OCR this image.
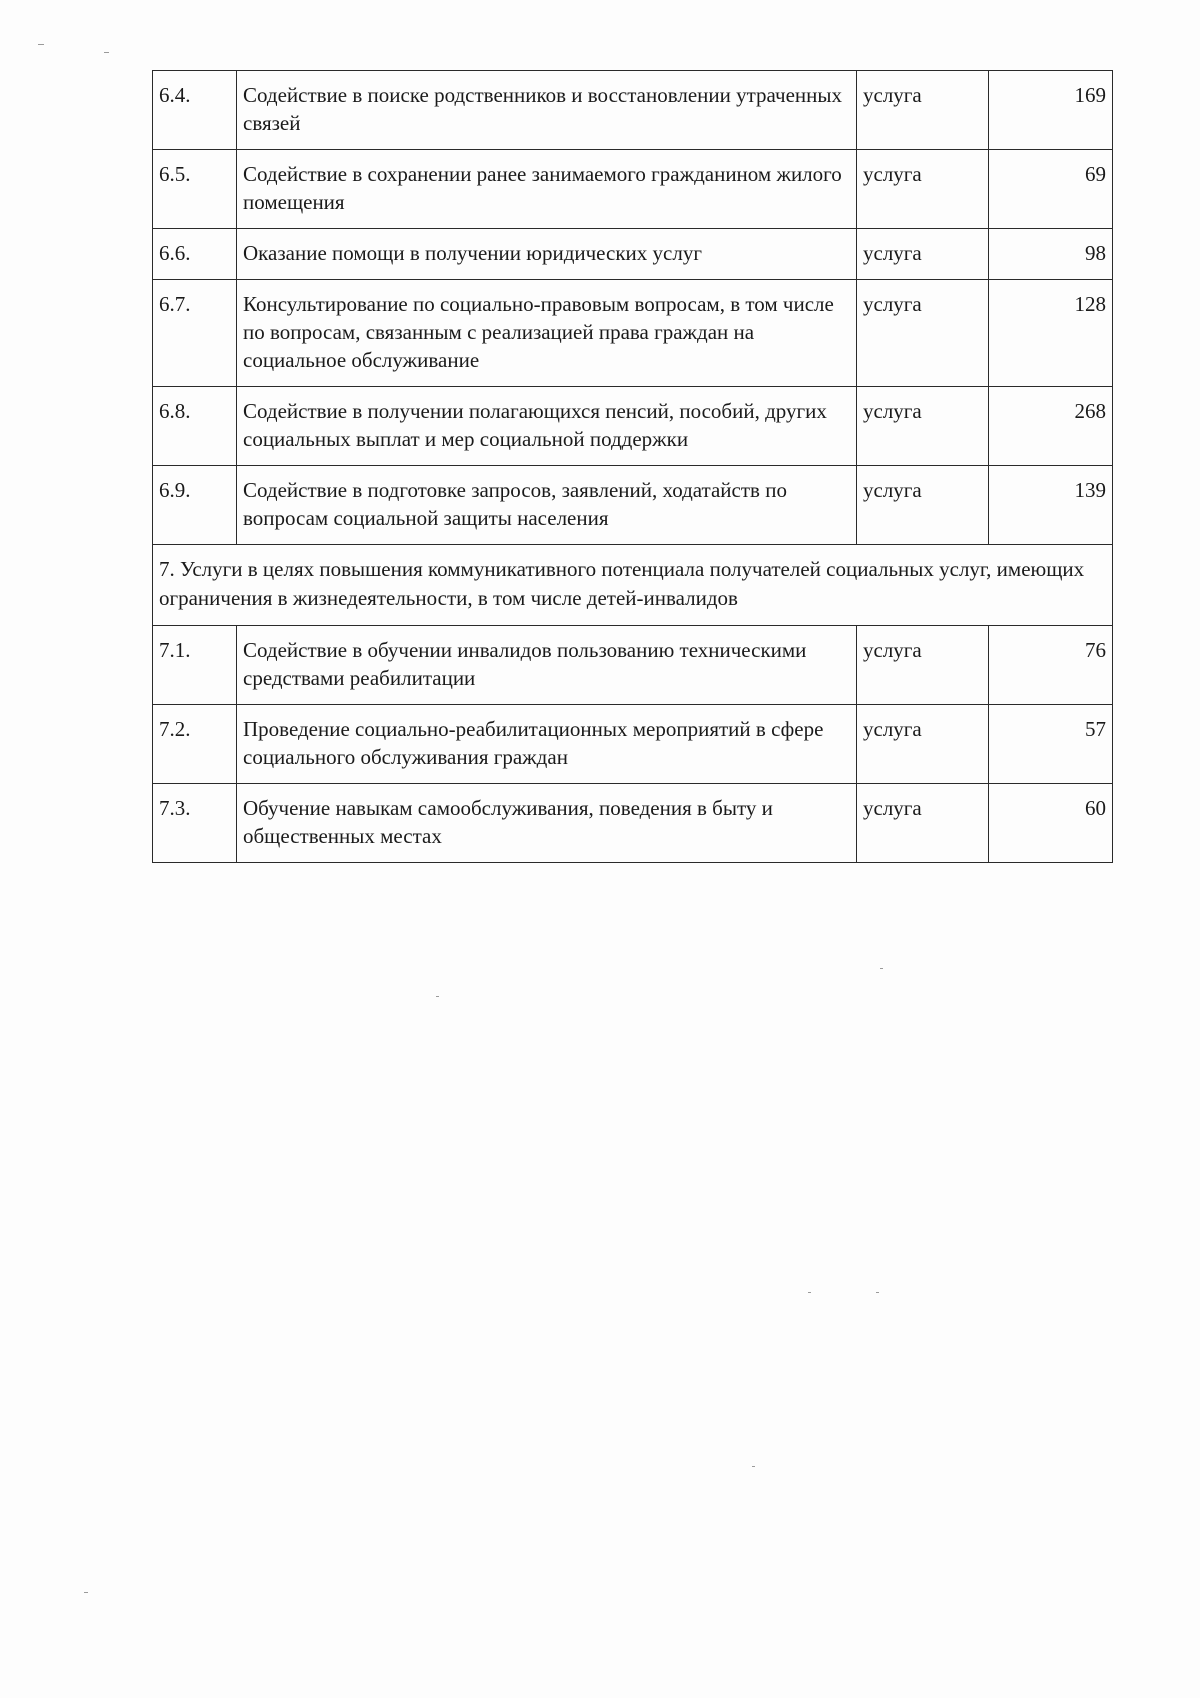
6.4.	Содействие в поиске родственников и восстановлении утраченных связей	услуга	169
6.5.	Содействие в сохранении ранее занимаемого гражданином жилого помещения	услуга	69
6.6.	Оказание помощи в получении юридических услуг	услуга	98
6.7.	Консультирование по социально-правовым вопросам, в том числе по вопросам, связанным с реализацией права граждан на социальное обслуживание	услуга	128
6.8.	Содействие в получении полагающихся пенсий, пособий, других социальных выплат и мер социальной поддержки	услуга	268
6.9.	Содействие в подготовке запросов, заявлений, ходатайств по вопросам социальной защиты населения	услуга	139
7. Услуги в целях повышения коммуникативного потенциала получателей социальных услуг, имеющих ограничения в жизнедеятельности, в том числе детей-инвалидов			
7.1.	Содействие в обучении инвалидов пользованию техническими средствами реабилитации	услуга	76
7.2.	Проведение социально-реабилитационных мероприятий в сфере социального обслуживания граждан	услуга	57
7.3.	Обучение навыкам самообслуживания, поведения в быту и общественных местах	услуга	60
